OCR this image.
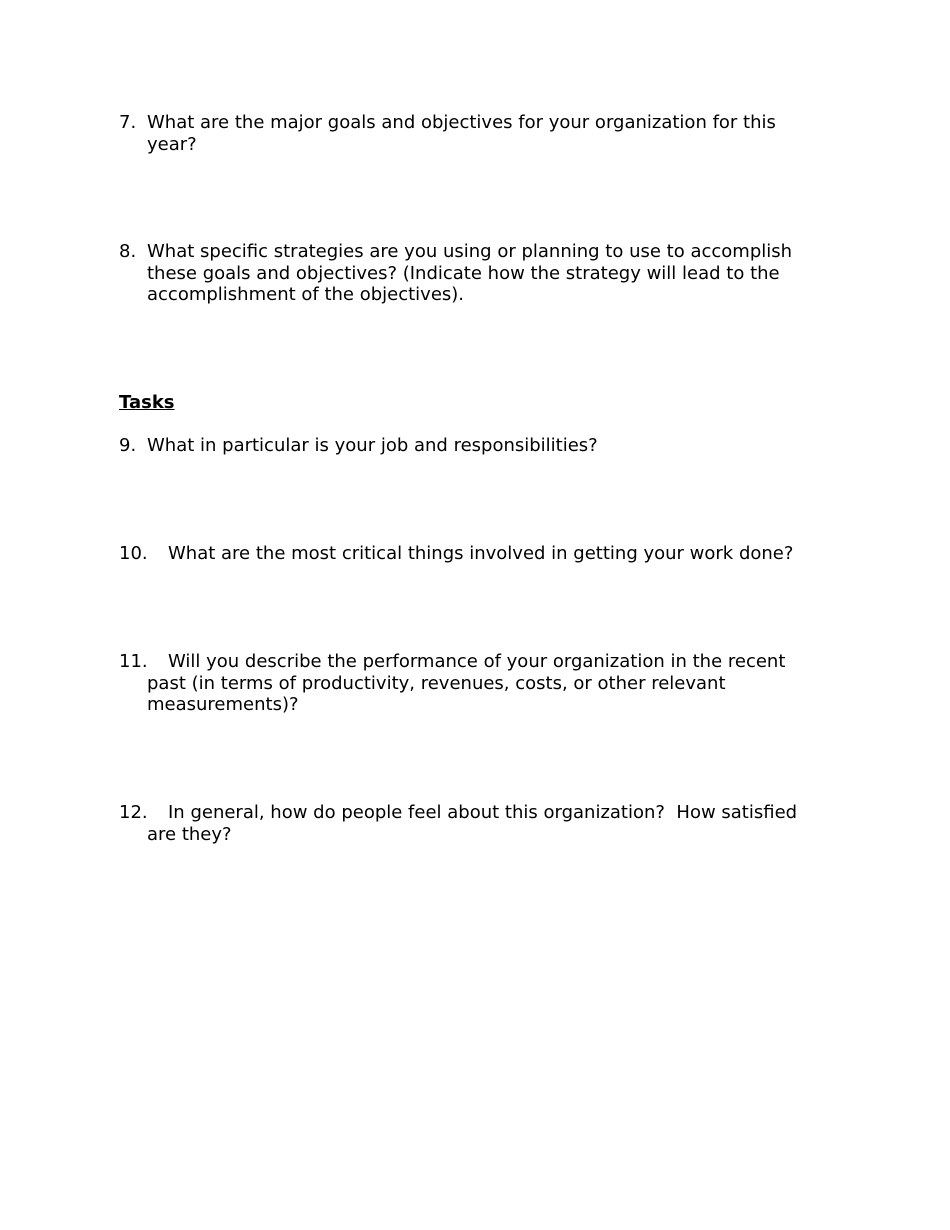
7. What are the major goals and objectives for your organization for this
year?
8. What specific strategies are you using or planning to use to accomplish
these goals and objectives? (Indicate how the strategy will lead to the accomplishment of the objectives).
Tasks
9. What in particular is your job and responsibilities?
10.	What are the most critical things involved in getting your work done?
11.	Will you describe the performance of your organization in the recent
past (in terms of productivity, revenues, costs, or other relevant measurements)?
12.	In general, how do people feel about this organization?  How satisfied
are they?
